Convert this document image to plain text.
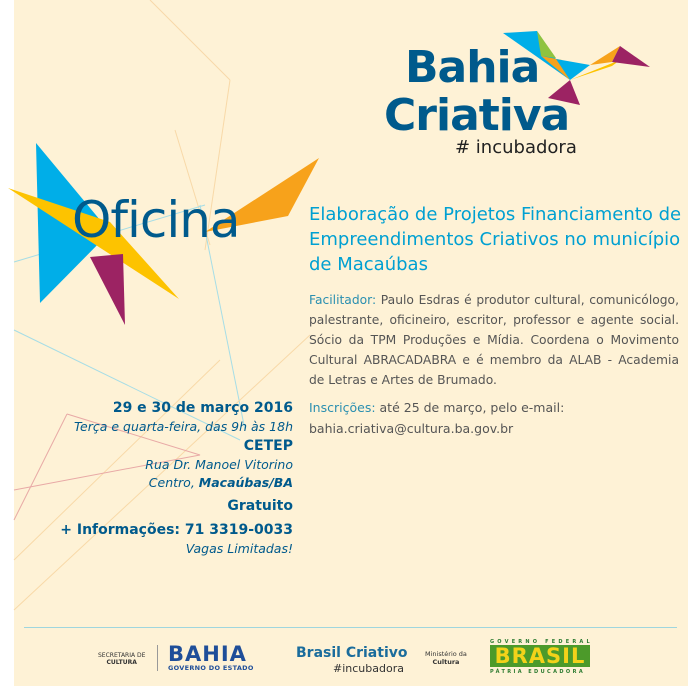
Bahia
Criativa
# incubadora
Oficina	Elaboração de Projetos Financiamento de Empreendimentos Criativos no município de Macaúbas

Facilitador: Paulo Esdras é produtor cultural, comunicólogo, palestrante, oficineiro, escritor, professor e agente social. Sócio da TPM Produções e Mídia. Coordena o Movimento Cultural ABRACADABRA e é membro da ALAB - Academia de Letras e Artes de Brumado.

Inscrições: até 25 de março, pelo e-mail:
bahia.criativa@cultura.ba.gov.br
29 e 30 de março 2016
Terça e quarta-feira, das 9h às 18h
CETEP
Rua Dr. Manoel Vitorino
Centro, Macaúbas/BA
Gratuito
+ Informações: 71 3319-0033
Vagas Limitadas!
SECRETARIA DE
CULTURA	BAHIA
GOVERNO DO ESTADO
Brasil Criativo
#incubadora
Ministério da
Cultura
GOVERNO FEDERAL
BRASIL
PÁTRIA EDUCADORA
